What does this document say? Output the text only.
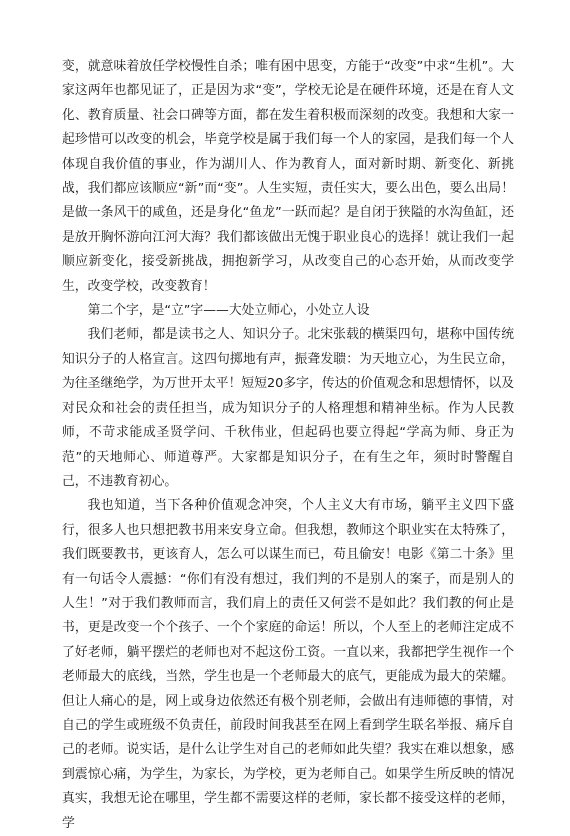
变，就意味着放任学校慢性自杀；唯有困中思变，方能于“改变”中求“生机”。大家这两年也都见证了，正是因为求“变”，学校无论是在硬件环境，还是在育人文化、教育质量、社会口碑等方面，都在发生着积极而深刻的改变。我想和大家一起珍惜可以改变的机会，毕竟学校是属于我们每一个人的家园，是我们每一个人体现自我价值的事业，作为湖川人、作为教育人，面对新时期、新变化、新挑战，我们都应该顺应“新”而“变”。人生实短，责任实大，要么出色，要么出局！是做一条风干的咸鱼，还是身化“鱼龙”一跃而起？是自闭于狭隘的水沟鱼缸，还是放开胸怀游向江河大海？我们都该做出无愧于职业良心的选择！就让我们一起顺应新变化，接受新挑战，拥抱新学习，从改变自己的心态开始，从而改变学生，改变学校，改变教育！

第二个字，是“立”字——大处立师心，小处立人设

我们老师，都是读书之人、知识分子。北宋张载的横渠四句，堪称中国传统知识分子的人格宣言。这四句掷地有声，振聋发聩：为天地立心，为生民立命，为往圣继绝学，为万世开太平！短短20多字，传达的价值观念和思想情怀，以及对民众和社会的责任担当，成为知识分子的人格理想和精神坐标。作为人民教师，不苛求能成圣贤学问、千秋伟业，但起码也要立得起“学高为师、身正为范”的天地师心、师道尊严。大家都是知识分子，在有生之年，须时时警醒自己，不违教育初心。

我也知道，当下各种价值观念冲突，个人主义大有市场，躺平主义四下盛行，很多人也只想把教书用来安身立命。但我想，教师这个职业实在太特殊了，我们既要教书，更该育人，怎么可以谋生而已，苟且偷安！电影《第二十条》里有一句话令人震撼：“你们有没有想过，我们判的不是别人的案子，而是别人的人生！”对于我们教师而言，我们肩上的责任又何尝不是如此？我们教的何止是书，更是改变一个个孩子、一个个家庭的命运！所以，个人至上的老师注定成不了好老师，躺平摆烂的老师也对不起这份工资。一直以来，我都把学生视作一个老师最大的底线，当然，学生也是一个老师最大的底气，更能成为最大的荣耀。但让人痛心的是，网上或身边依然还有极个别老师，会做出有违师德的事情，对自己的学生或班级不负责任，前段时间我甚至在网上看到学生联名举报、痛斥自己的老师。说实话，是什么让学生对自己的老师如此失望？我实在难以想象，感到震惊心痛，为学生，为家长，为学校，更为老师自己。如果学生所反映的情况真实，我想无论在哪里，学生都不需要这样的老师，家长都不接受这样的老师，学
